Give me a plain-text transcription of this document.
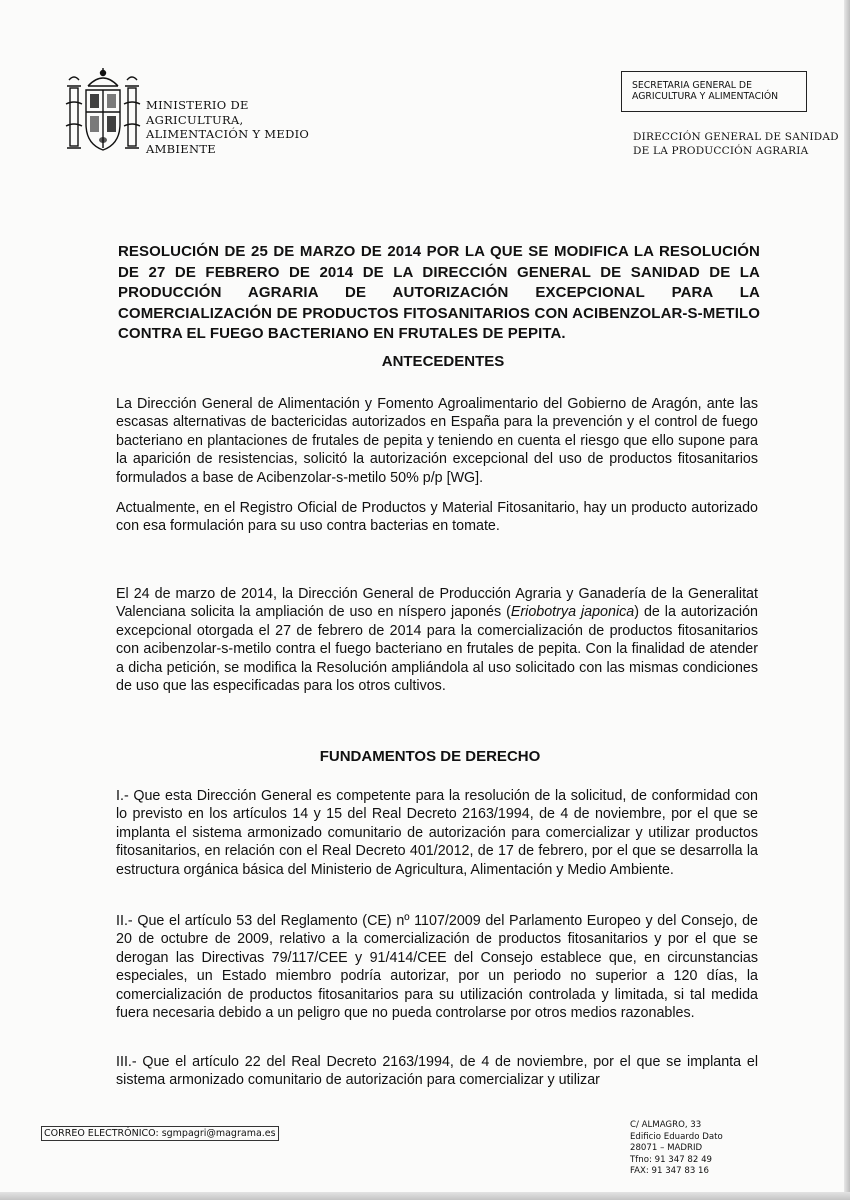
MINISTERIO DE
AGRICULTURA,
ALIMENTACIÓN Y MEDIO
AMBIENTE
SECRETARIA GENERAL DE
AGRICULTURA Y ALIMENTACIÓN
DIRECCIÓN GENERAL DE SANIDAD
DE LA PRODUCCIÓN AGRARIA
RESOLUCIÓN DE 25 DE MARZO DE 2014 POR LA QUE SE MODIFICA LA RESOLUCIÓN DE 27 DE FEBRERO DE 2014 DE LA DIRECCIÓN GENERAL DE SANIDAD DE LA PRODUCCIÓN AGRARIA DE AUTORIZACIÓN EXCEPCIONAL PARA LA COMERCIALIZACIÓN DE PRODUCTOS FITOSANITARIOS CON ACIBENZOLAR-S-METILO CONTRA EL FUEGO BACTERIANO EN FRUTALES DE PEPITA.
ANTECEDENTES
La Dirección General de Alimentación y Fomento Agroalimentario del Gobierno de Aragón, ante las escasas alternativas de bactericidas autorizados en España para la prevención y el control de fuego bacteriano en plantaciones de frutales de pepita y teniendo en cuenta el riesgo que ello supone para la aparición de resistencias, solicitó la autorización excepcional del uso de productos fitosanitarios formulados a base de Acibenzolar-s-metilo 50% p/p [WG].
Actualmente, en el Registro Oficial de Productos y Material Fitosanitario, hay un producto autorizado con esa formulación para su uso contra bacterias en tomate.
El 24 de marzo de 2014, la Dirección General de Producción Agraria y Ganadería de la Generalitat Valenciana solicita la ampliación de uso en níspero japonés (Eriobotrya japonica) de la autorización excepcional otorgada el 27 de febrero de 2014 para la comercialización de productos fitosanitarios con acibenzolar-s-metilo contra el fuego bacteriano en frutales de pepita. Con la finalidad de atender a dicha petición, se modifica la Resolución ampliándola al uso solicitado con las mismas condiciones de uso que las especificadas para los otros cultivos.
FUNDAMENTOS DE DERECHO
I.- Que esta Dirección General es competente para la resolución de la solicitud, de conformidad con lo previsto en los artículos 14 y 15 del Real Decreto 2163/1994, de 4 de noviembre, por el que se implanta el sistema armonizado comunitario de autorización para comercializar y utilizar productos fitosanitarios, en relación con el Real Decreto 401/2012, de 17 de febrero, por el que se desarrolla la estructura orgánica básica del Ministerio de Agricultura, Alimentación y Medio Ambiente.
II.- Que el artículo 53 del Reglamento (CE) nº 1107/2009 del Parlamento Europeo y del Consejo, de 20 de octubre de 2009, relativo a la comercialización de productos fitosanitarios y por el que se derogan las Directivas 79/117/CEE y 91/414/CEE del Consejo establece que, en circunstancias especiales, un Estado miembro podría autorizar, por un periodo no superior a 120 días, la comercialización de productos fitosanitarios para su utilización controlada y limitada, si tal medida fuera necesaria debido a un peligro que no pueda controlarse por otros medios razonables.
III.- Que el artículo 22 del Real Decreto 2163/1994, de 4 de noviembre, por el que se implanta el sistema armonizado comunitario de autorización para comercializar y utilizar
CORREO ELECTRÓNICO: sgmpagri@magrama.es
C/ ALMAGRO, 33
Edificio Eduardo Dato
28071 – MADRID
Tfno: 91 347 82 49
FAX: 91 347 83 16
